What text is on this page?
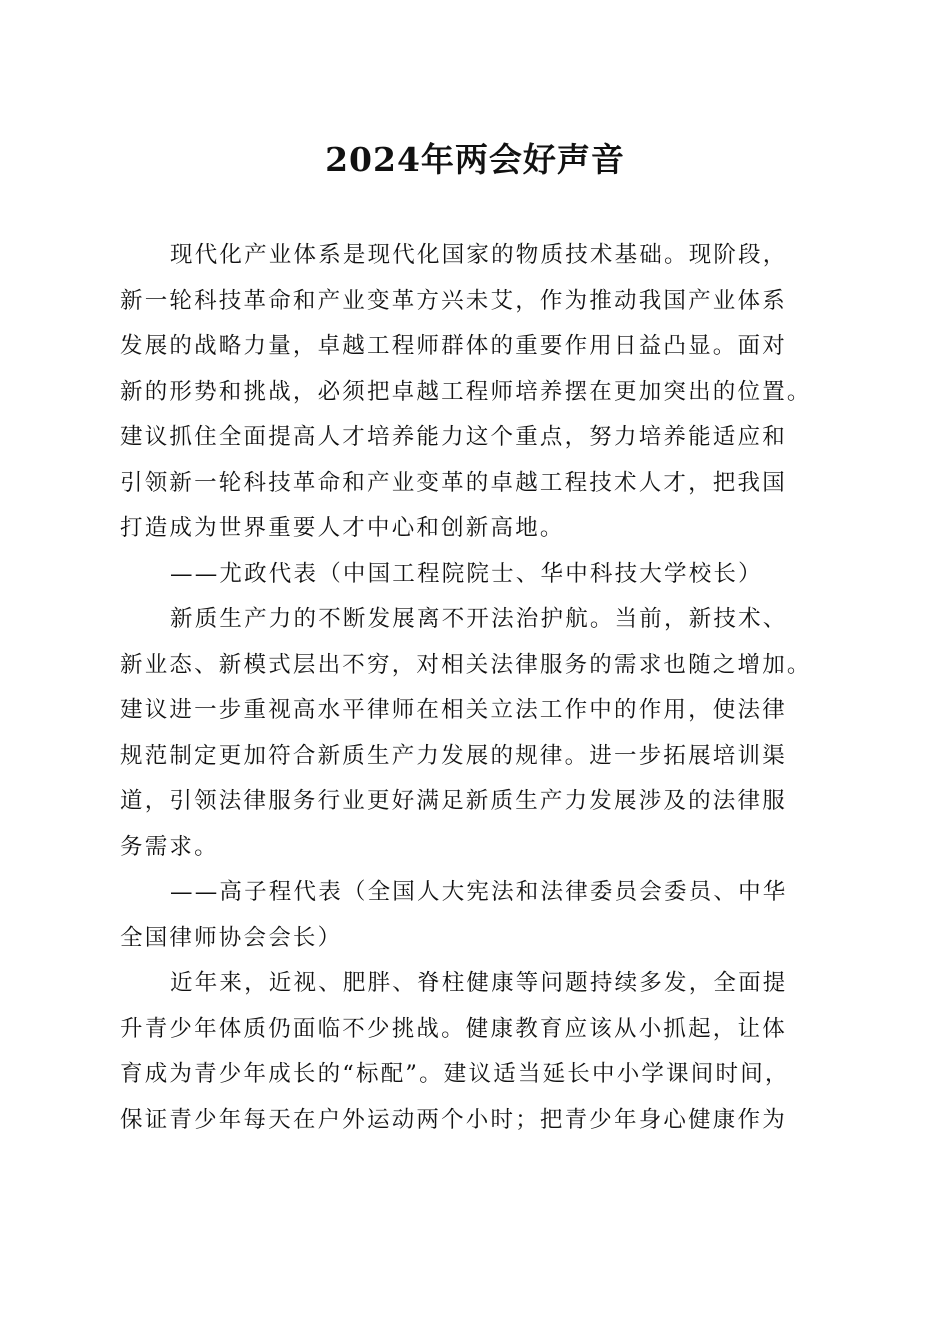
2024年两会好声音
现代化产业体系是现代化国家的物质技术基础。现阶段，
新一轮科技革命和产业变革方兴未艾，作为推动我国产业体系
发展的战略力量，卓越工程师群体的重要作用日益凸显。面对
新的形势和挑战，必须把卓越工程师培养摆在更加突出的位置。
建议抓住全面提高人才培养能力这个重点，努力培养能适应和
引领新一轮科技革命和产业变革的卓越工程技术人才，把我国
打造成为世界重要人才中心和创新高地。
——尤政代表（中国工程院院士、华中科技大学校长）
新质生产力的不断发展离不开法治护航。当前，新技术、
新业态、新模式层出不穷，对相关法律服务的需求也随之增加。
建议进一步重视高水平律师在相关立法工作中的作用，使法律
规范制定更加符合新质生产力发展的规律。进一步拓展培训渠
道，引领法律服务行业更好满足新质生产力发展涉及的法律服
务需求。
——高子程代表（全国人大宪法和法律委员会委员、中华
全国律师协会会长）
近年来，近视、肥胖、脊柱健康等问题持续多发，全面提
升青少年体质仍面临不少挑战。健康教育应该从小抓起，让体
育成为青少年成长的“标配”。建议适当延长中小学课间时间，
保证青少年每天在户外运动两个小时；把青少年身心健康作为
